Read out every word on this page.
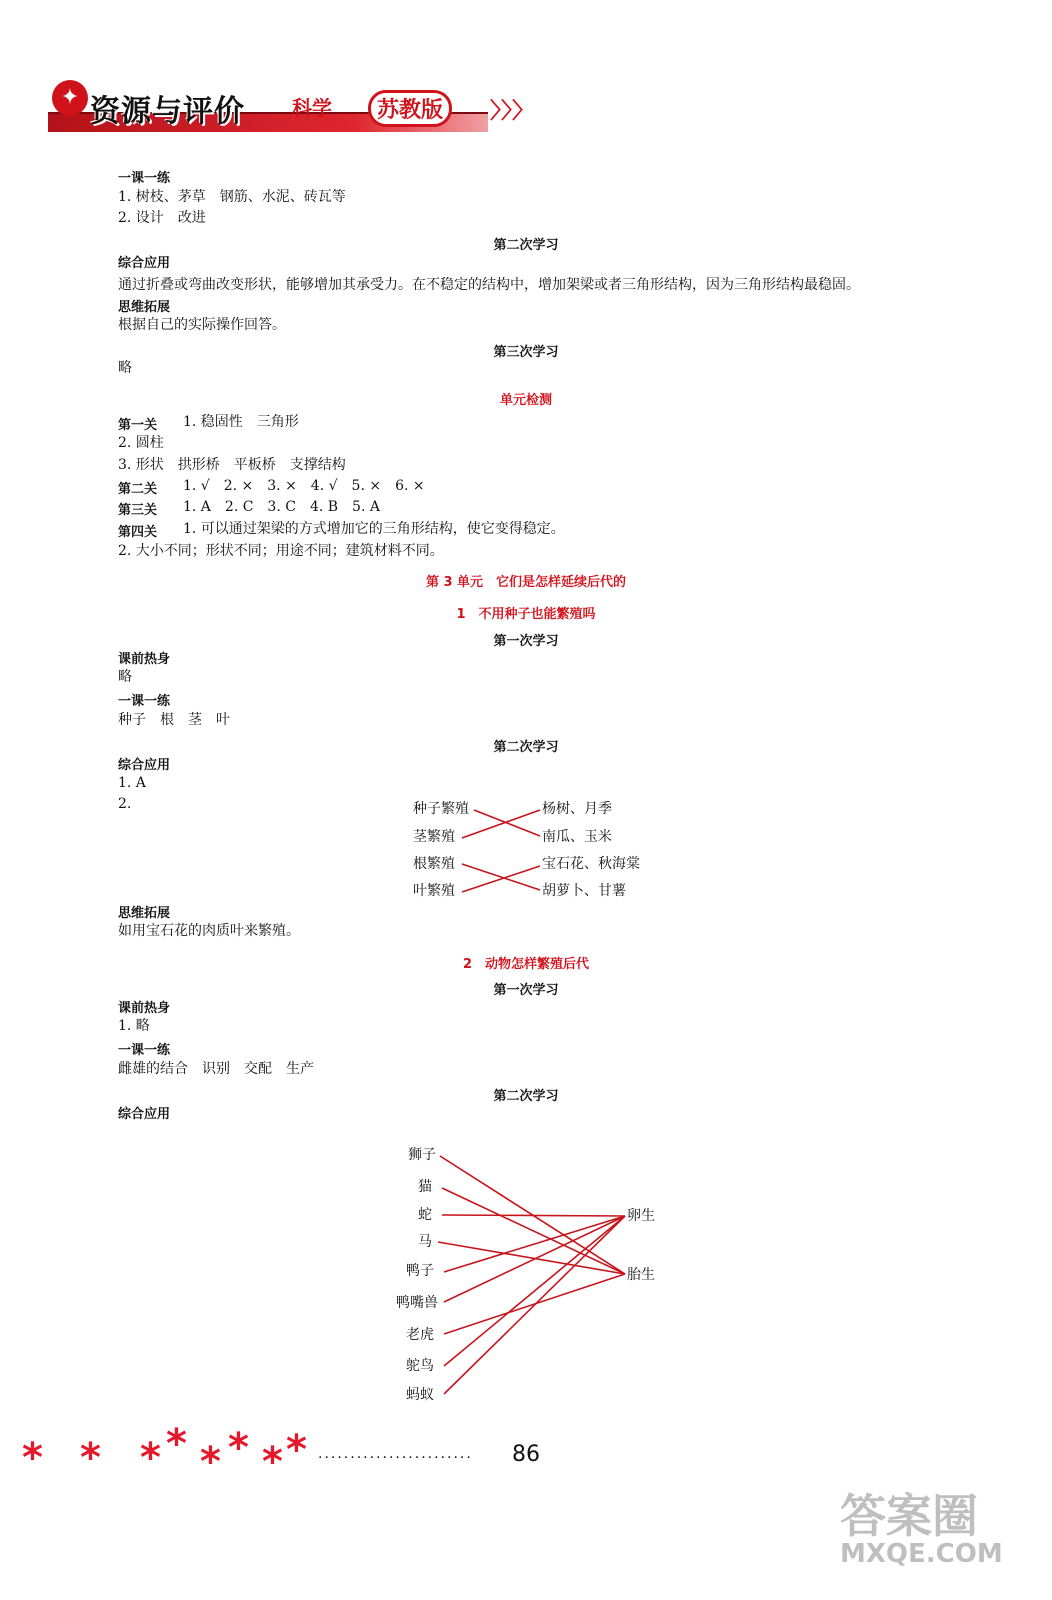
✦ 资源与评价 科学	苏教版	〉〉〉
一课一练
1. 树枝、茅草　钢筋、水泥、砖瓦等
2. 设计　改进
第二次学习
综合应用
通过折叠或弯曲改变形状，能够增加其承受力。在不稳定的结构中，增加架梁或者三角形结构，因为三角形结构最稳固。
思维拓展
根据自己的实际操作回答。
第三次学习
略
单元检测
第一关 1. 稳固性　三角形
2. 圆柱
3. 形状　拱形桥　平板桥　支撑结构
第二关 1. √　2. ×　3. ×　4. √　5. ×　6. ×
第三关 1. A　2. C　3. C　4. B　5. A
第四关 1. 可以通过架梁的方式增加它的三角形结构，使它变得稳定。
2. 大小不同；形状不同；用途不同；建筑材料不同。
第 3 单元　它们是怎样延续后代的
1　不用种子也能繁殖吗
第一次学习
课前热身
略
一课一练
种子　根　茎　叶
第二次学习
综合应用
1. A
2.	种子繁殖
茎繁殖
根繁殖
叶繁殖
杨树、月季
南瓜、玉米
宝石花、秋海棠
胡萝卜、甘薯
思维拓展
如用宝石花的肉质叶来繁殖。
2　动物怎样繁殖后代
第一次学习
课前热身
1. 略
一课一练
雌雄的结合　识别　交配　生产
第二次学习
综合应用
狮子
猫
蛇
马
鸭子
鸭嘴兽
老虎
鸵鸟
蚂蚁
卵生
胎生
* * * * * * * * ........................ 86
答案圈
MXQE.COM
